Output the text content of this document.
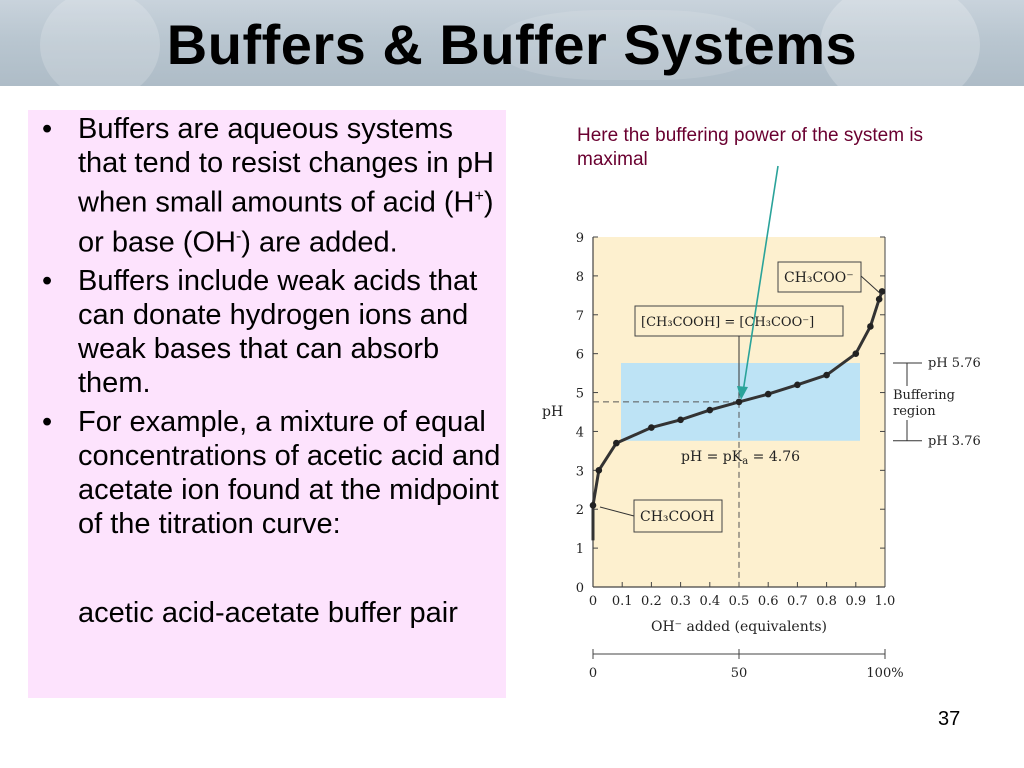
Buffers & Buffer Systems
• Buffers are aqueous systems that tend to resist changes in pH when small amounts of acid (H+) or base (OH-) are added.
• Buffers include weak acids that can donate hydrogen ions and weak bases that can absorb them.
• For example, a mixture of equal concentrations of acetic acid and acetate ion found at the midpoint of the titration curve:
acetic acid-acetate buffer pair
Here the buffering power of the system is maximal
0
1
2
3
4
5
6
7
8
9
0 0.1 0.2 0.3 0.4 0.5 0.6 0.7 0.8 0.9 1.0
CH₃COO⁻
[CH₃COOH] = [CH₃COO⁻]
CH₃COOH
pH = $pK_a = 4.76$
pH 5.76
pH 3.76
Buffering
region
pH
OH⁻ added (equivalents)
0	50	100%
37
